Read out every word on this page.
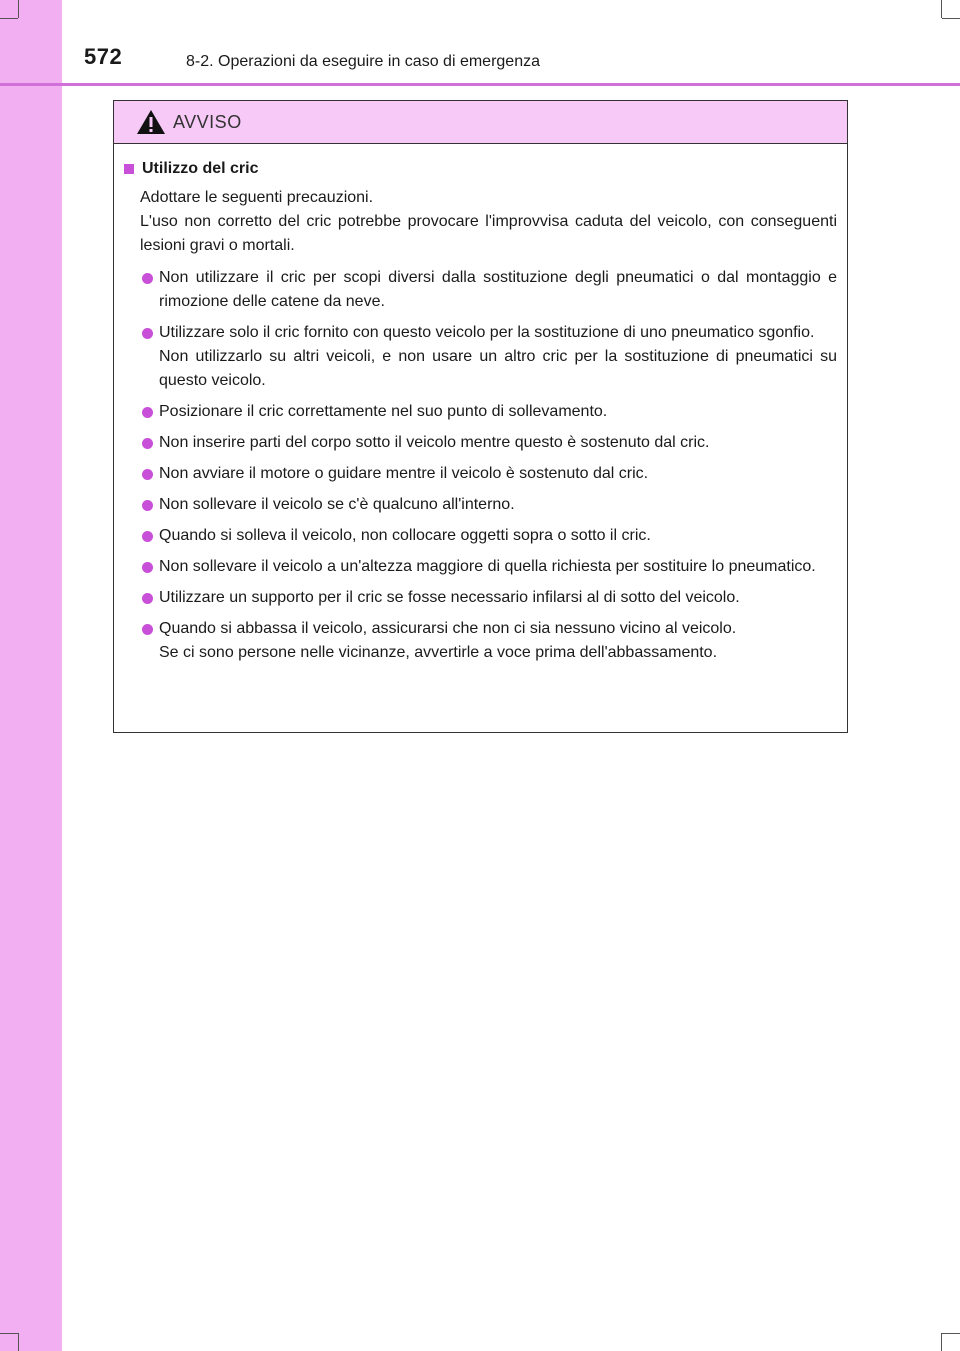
572	8-2. Operazioni da eseguire in caso di emergenza
AVVISO
Utilizzo del cric
Adottare le seguenti precauzioni.
L'uso non corretto del cric potrebbe provocare l'improvvisa caduta del veicolo, con conseguenti lesioni gravi o mortali.
Non utilizzare il cric per scopi diversi dalla sostituzione degli pneumatici o dal montaggio e rimozione delle catene da neve.
Utilizzare solo il cric fornito con questo veicolo per la sostituzione di uno pneumatico sgonfio.
Non utilizzarlo su altri veicoli, e non usare un altro cric per la sostituzione di pneumatici su questo veicolo.
Posizionare il cric correttamente nel suo punto di sollevamento.
Non inserire parti del corpo sotto il veicolo mentre questo è sostenuto dal cric.
Non avviare il motore o guidare mentre il veicolo è sostenuto dal cric.
Non sollevare il veicolo se c'è qualcuno all'interno.
Quando si solleva il veicolo, non collocare oggetti sopra o sotto il cric.
Non sollevare il veicolo a un'altezza maggiore di quella richiesta per sostituire lo pneumatico.
Utilizzare un supporto per il cric se fosse necessario infilarsi al di sotto del veicolo.
Quando si abbassa il veicolo, assicurarsi che non ci sia nessuno vicino al veicolo.
Se ci sono persone nelle vicinanze, avvertirle a voce prima dell'abbassamento.
